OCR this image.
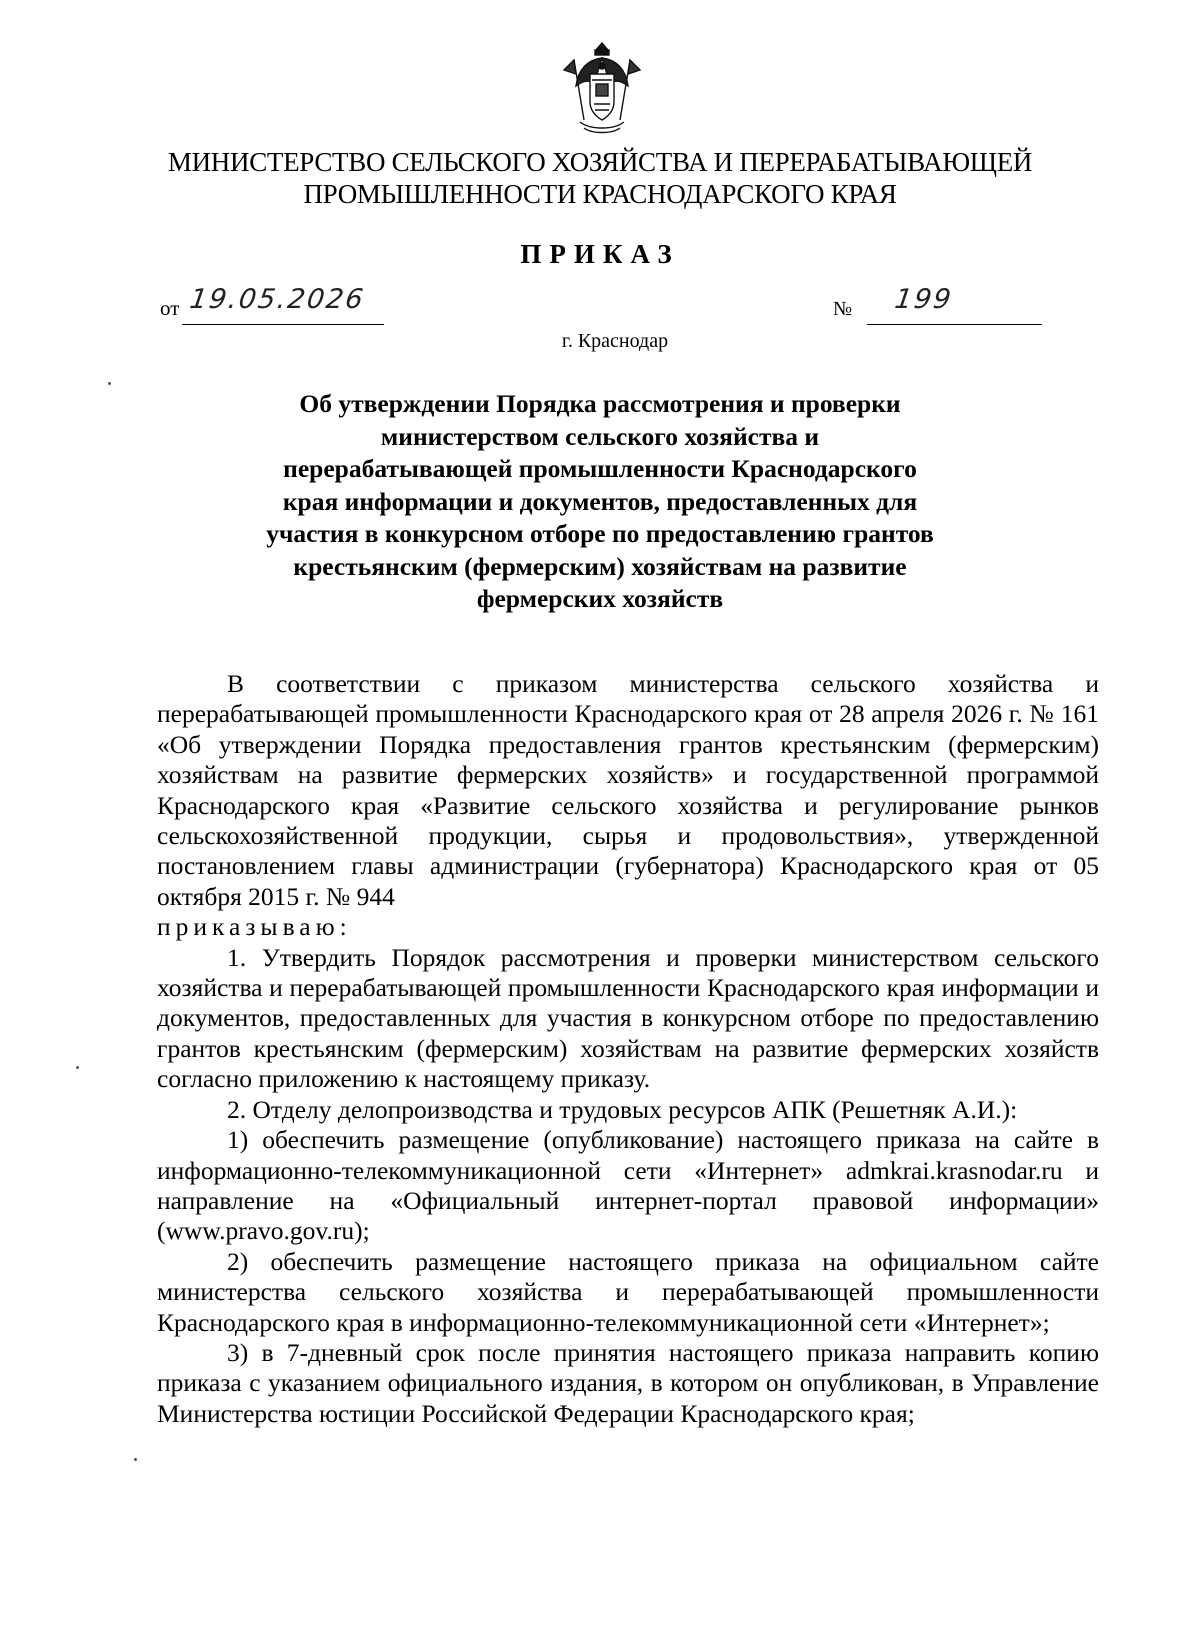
МИНИСТЕРСТВО СЕЛЬСКОГО ХОЗЯЙСТВА И ПЕРЕРАБАТЫВАЮЩЕЙ
ПРОМЫШЛЕННОСТИ КРАСНОДАРСКОГО КРАЯ
ПРИКАЗ
от 19.05.2026	№ 199
г. Краснодар
Об утверждении Порядка рассмотрения и проверки
министерством сельского хозяйства и
перерабатывающей промышленности Краснодарского
края информации и документов, предоставленных для
участия в конкурсном отборе по предоставлению грантов
крестьянским (фермерским) хозяйствам на развитие
фермерских хозяйств

В соответствии с приказом министерства сельского хозяйства и перерабатывающей промышленности Краснодарского края от 28 апреля 2026 г. № 161 «Об утверждении Порядка предоставления грантов крестьянским (фермерским) хозяйствам на развитие фермерских хозяйств» и государственной программой Краснодарского края «Развитие сельского хозяйства и регулирование рынков сельскохозяйственной продукции, сырья и продовольствия», утвержденной постановлением главы администрации (губернатора) Краснодарского края от 05 октября 2015 г. № 944

приказываю:

1. Утвердить Порядок рассмотрения и проверки министерством сельского хозяйства и перерабатывающей промышленности Краснодарского края информации и документов, предоставленных для участия в конкурсном отборе по предоставлению грантов крестьянским (фермерским) хозяйствам на развитие фермерских хозяйств согласно приложению к настоящему приказу.

2. Отделу делопроизводства и трудовых ресурсов АПК (Решетняк А.И.):

1) обеспечить размещение (опубликование) настоящего приказа на сайте в информационно-телекоммуникационной сети «Интернет» admkrai.krasnodar.ru и направление на «Официальный интернет-портал правовой информации» (www.pravo.gov.ru);

2) обеспечить размещение настоящего приказа на официальном сайте министерства сельского хозяйства и перерабатывающей промышленности Краснодарского края в информационно-телекоммуникационной сети «Интернет»;

3) в 7-дневный срок после принятия настоящего приказа направить копию приказа с указанием официального издания, в котором он опубликован, в Управление Министерства юстиции Российской Федерации Краснодарского края;
